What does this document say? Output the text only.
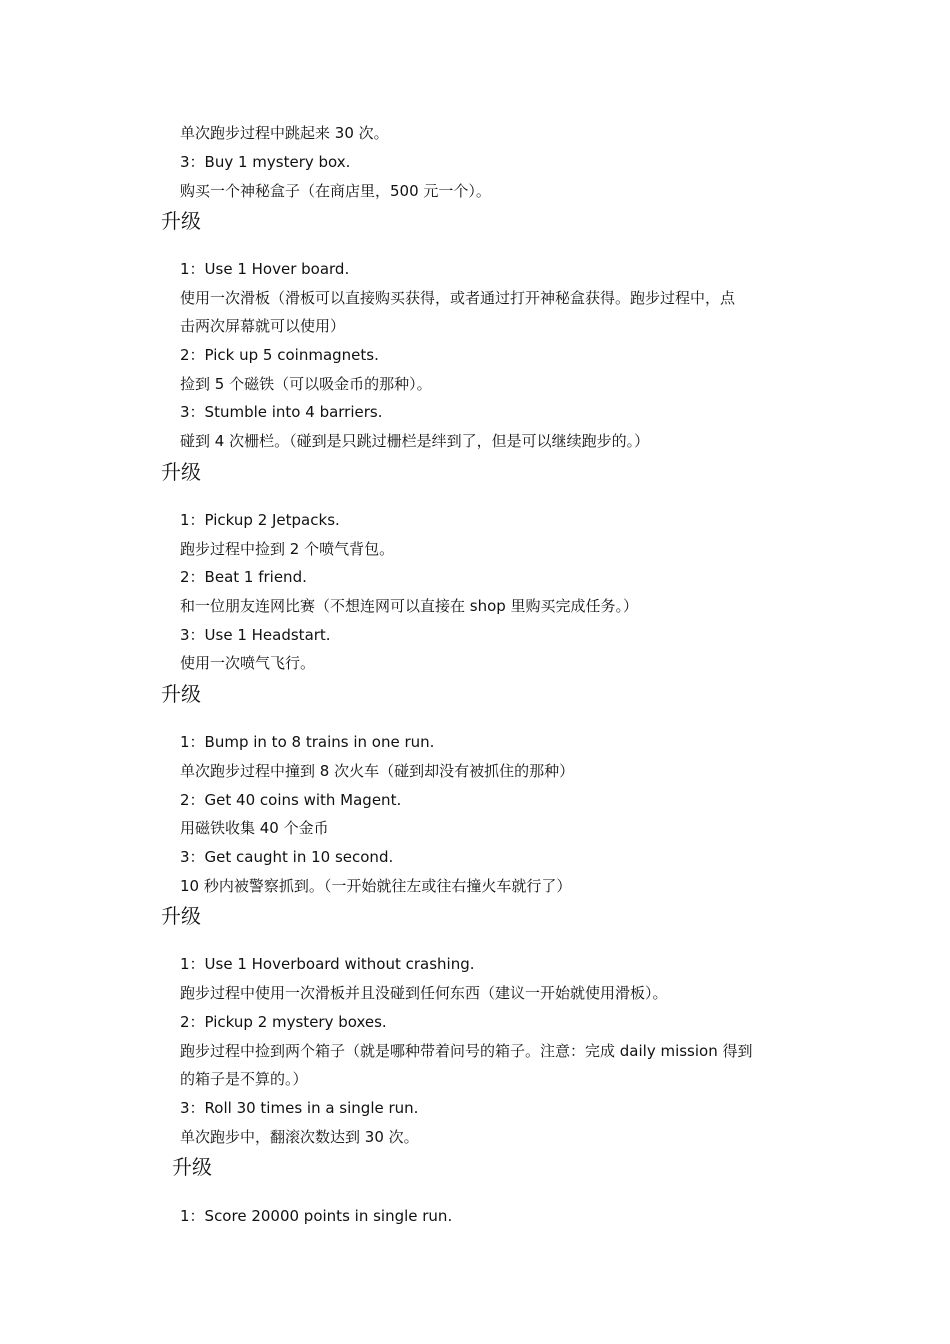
单次跑步过程中跳起来 30 次。
3：Buy 1 mystery box.
购买一个神秘盒子（在商店里，500 元一个）。
升级
1：Use 1 Hover board.
使用一次滑板（滑板可以直接购买获得，或者通过打开神秘盒获得。跑步过程中，点
击两次屏幕就可以使用）
2：Pick up 5 coinmagnets.
捡到 5 个磁铁（可以吸金币的那种）。
3：Stumble into 4 barriers.
碰到 4 次栅栏。（碰到是只跳过栅栏是绊到了，但是可以继续跑步的。）
升级
1：Pickup 2 Jetpacks.
跑步过程中捡到 2 个喷气背包。
2：Beat 1 friend.
和一位朋友连网比赛（不想连网可以直接在 shop 里购买完成任务。）
3：Use 1 Headstart.
使用一次喷气飞行。
升级
1：Bump in to 8 trains in one run.
单次跑步过程中撞到 8 次火车（碰到却没有被抓住的那种）
2：Get 40 coins with Magent.
用磁铁收集 40 个金币
3：Get caught in 10 second.
10 秒内被警察抓到。（一开始就往左或往右撞火车就行了）
升级
1：Use 1 Hoverboard without crashing.
跑步过程中使用一次滑板并且没碰到任何东西（建议一开始就使用滑板）。
2：Pickup 2 mystery boxes.
跑步过程中捡到两个箱子（就是哪种带着问号的箱子。注意：完成 daily mission 得到
的箱子是不算的。）
3：Roll 30 times in a single run.
单次跑步中，翻滚次数达到 30 次。
升级
1：Score 20000 points in single run.
